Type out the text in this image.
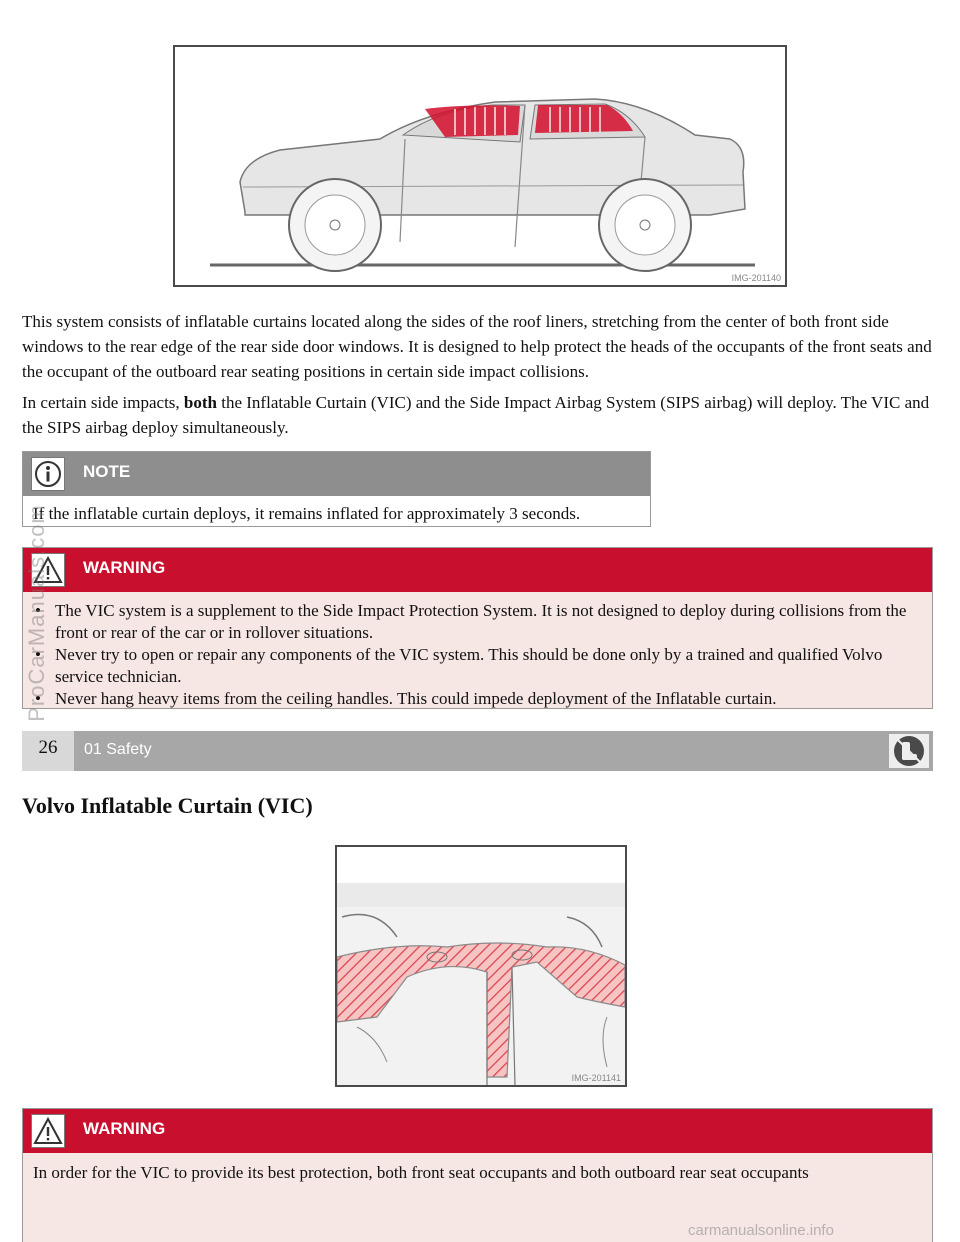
IMG-201140

This system consists of inflatable curtains located along the sides of the roof liners, stretching from the center of both front side windows to the rear edge of the rear side door windows. It is designed to help protect the heads of the occupants of the front seats and the occupant of the outboard rear seating positions in certain side impact collisions.

In certain side impacts, both the Inflatable Curtain (VIC) and the Side Impact Airbag System (SIPS airbag) will deploy. The VIC and the SIPS airbag deploy simultaneously.

NOTE
If the inflatable curtain deploys, it remains inflated for approximately 3 seconds.
WARNING
• The VIC system is a supplement to the Side Impact Protection System. It is not designed to deploy during collisions from the front or rear of the car or in rollover situations.
• Never try to open or repair any components of the VIC system. This should be done only by a trained and qualified Volvo service technician.
• Never hang heavy items from the ceiling handles. This could impede deployment of the Inflatable curtain.
26	01 Safety
Volvo Inflatable Curtain (VIC)
IMG-201141
WARNING
In order for the VIC to provide its best protection, both front seat occupants and both outboard rear seat occupants
ProCarManuals.com
carmanualsonline.info
